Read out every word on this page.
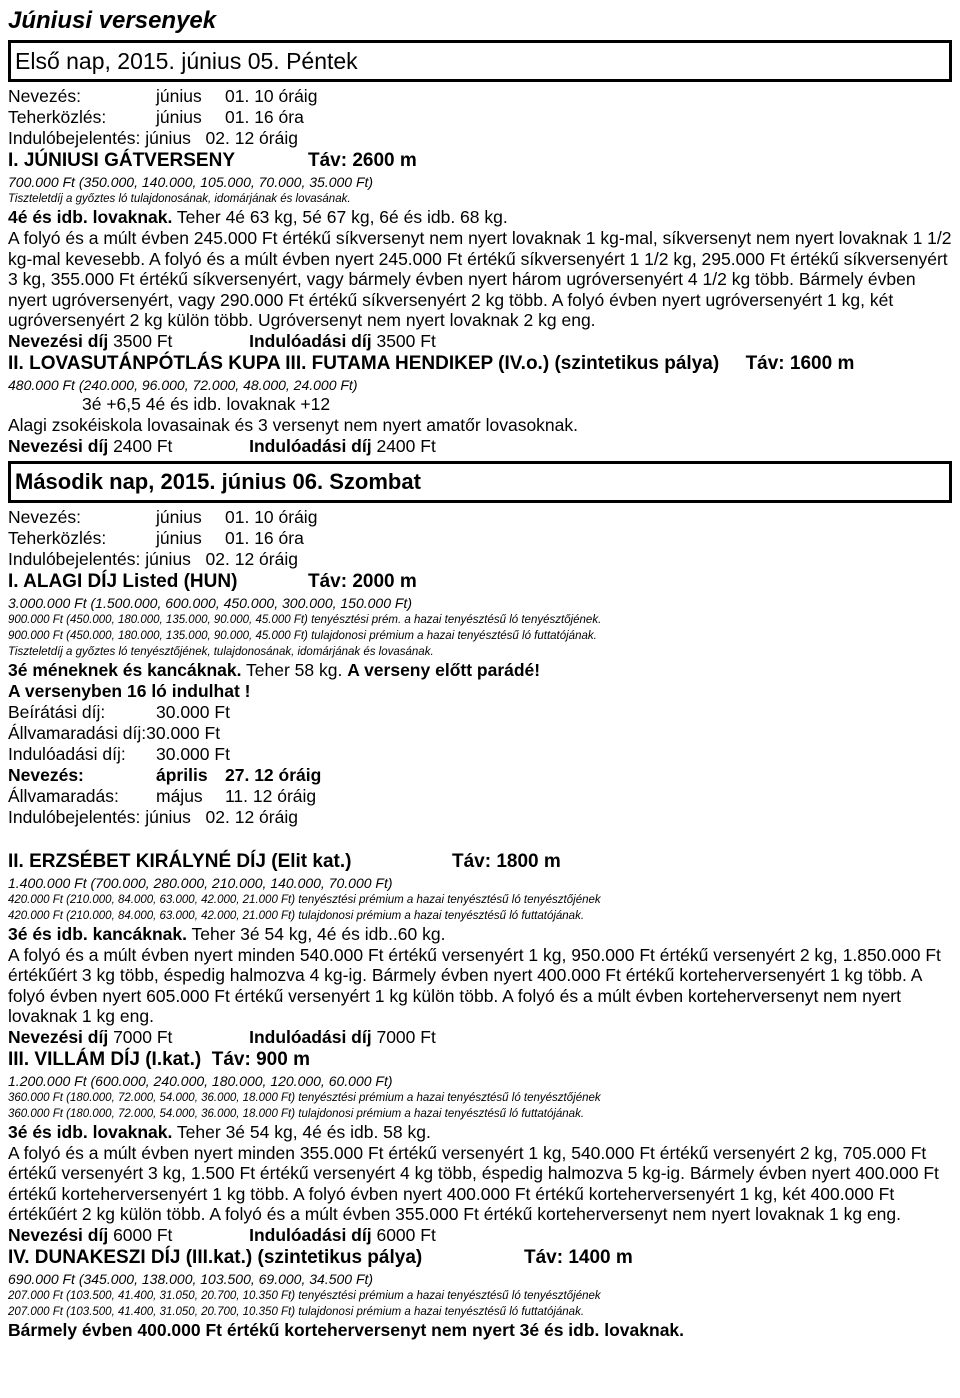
Júniusi versenyek
Első nap, 2015. június 05. Péntek
Nevezés:	június 01. 10 óráig
Teherközlés:	június 01. 16 óra
Indulóbejelentés: június 02. 12 óráig
I. JÚNIUSI GÁTVERSENY	Táv: 2600 m
700.000 Ft (350.000, 140.000, 105.000, 70.000, 35.000 Ft)
Tiszteletdíj a győztes ló tulajdonosának, idomárjának és lovasának.
4é és idb. lovaknak. Teher 4é 63 kg, 5é 67 kg, 6é és idb. 68 kg.
A folyó és a múlt évben 245.000 Ft értékű síkversenyt nem nyert lovaknak 1 kg-mal, síkversenyt nem nyert lovaknak 1 1/2 kg-mal kevesebb. A folyó és a múlt évben nyert 245.000 Ft értékű síkversenyért 1 1/2 kg, 295.000 Ft értékű síkversenyért 3 kg, 355.000 Ft értékű síkversenyért, vagy bármely évben nyert három ugróversenyért 4 1/2 kg több. Bármely évben nyert ugróversenyért, vagy 290.000 Ft értékű síkversenyért 2 kg több. A folyó évben nyert ugróversenyért 1 kg, két ugróversenyért 2 kg külön több. Ugróversenyt nem nyert lovaknak 2 kg eng.
Nevezési díj 3500 Ft	Indulóadási díj 3500 Ft
II. LOVASUTÁNPÓTLÁS KUPA III. FUTAMA HENDIKEP (IV.o.) (szintetikus pálya) Táv: 1600 m
480.000 Ft (240.000, 96.000, 72.000, 48.000, 24.000 Ft)
3é +6,5 4é és idb. lovaknak +12
Alagi zsokéiskola lovasainak és 3 versenyt nem nyert amatőr lovasoknak.
Nevezési díj 2400 Ft	Indulóadási díj 2400 Ft
Második nap, 2015. június 06. Szombat
Nevezés:	június 01. 10 óráig
Teherközlés:	június 01. 16 óra
Indulóbejelentés: június 02. 12 óráig
I. ALAGI DÍJ Listed (HUN)	Táv: 2000 m
3.000.000 Ft (1.500.000, 600.000, 450.000, 300.000, 150.000 Ft)
900.000 Ft (450.000, 180.000, 135.000, 90.000, 45.000 Ft) tenyésztési prém. a hazai tenyésztésű ló tenyésztőjének.
900.000 Ft (450.000, 180.000, 135.000, 90.000, 45.000 Ft) tulajdonosi prémium a hazai tenyésztésű ló futtatójának.
Tiszteletdíj a győztes ló tenyésztőjének, tulajdonosának, idomárjának és lovasának.
3é méneknek és kancáknak. Teher 58 kg. A verseny előtt parádé!
A versenyben 16 ló indulhat !
Beírátási díj:	30.000 Ft
Állvamaradási díj:30.000 Ft
Indulóadási díj: 30.000 Ft
Nevezés:	április 27. 12 óráig
Állvamaradás: május 11. 12 óráig
Indulóbejelentés: június 02. 12 óráig
II. ERZSÉBET KIRÁLYNÉ DÍJ (Elit kat.)	Táv: 1800 m
1.400.000 Ft (700.000, 280.000, 210.000, 140.000, 70.000 Ft)
420.000 Ft (210.000, 84.000, 63.000, 42.000, 21.000 Ft) tenyésztési prémium a hazai tenyésztésű ló tenyésztőjének
420.000 Ft (210.000, 84.000, 63.000, 42.000, 21.000 Ft) tulajdonosi prémium a hazai tenyésztésű ló futtatójának.
3é és idb. kancáknak. Teher 3é 54 kg, 4é és idb..60 kg.
A folyó és a múlt évben nyert minden 540.000 Ft értékű versenyért 1 kg, 950.000 Ft értékű versenyért 2 kg, 1.850.000 Ft értékűért 3 kg több, éspedig halmozva 4 kg-ig. Bármely évben nyert 400.000 Ft értékű korteherversenyért 1 kg több. A folyó évben nyert 605.000 Ft értékű versenyért 1 kg külön több. A folyó és a múlt évben korteherversenyt nem nyert lovaknak 1 kg eng.
Nevezési díj 7000 Ft	Indulóadási díj 7000 Ft
III. VILLÁM DÍJ (I.kat.) Táv: 900 m
1.200.000 Ft (600.000, 240.000, 180.000, 120.000, 60.000 Ft)
360.000 Ft (180.000, 72.000, 54.000, 36.000, 18.000 Ft) tenyésztési prémium a hazai tenyésztésű ló tenyésztőjének
360.000 Ft (180.000, 72.000, 54.000, 36.000, 18.000 Ft) tulajdonosi prémium a hazai tenyésztésű ló futtatójának.
3é és idb. lovaknak. Teher 3é 54 kg, 4é és idb. 58 kg.
A folyó és a múlt évben nyert minden 355.000 Ft értékű versenyért 1 kg, 540.000 Ft értékű versenyért 2 kg, 705.000 Ft értékű versenyért 3 kg, 1.500 Ft értékű versenyért 4 kg több, éspedig halmozva 5 kg-ig. Bármely évben nyert 400.000 Ft értékű korteherversenyért 1 kg több. A folyó évben nyert 400.000 Ft értékű korteherversenyért 1 kg, két 400.000 Ft értékűért 2 kg külön több. A folyó és a múlt évben 355.000 Ft értékű korteherversenyt nem nyert lovaknak 1 kg eng.
Nevezési díj 6000 Ft	Indulóadási díj 6000 Ft
IV. DUNAKESZI DÍJ (III.kat.) (szintetikus pálya)	Táv: 1400 m
690.000 Ft (345.000, 138.000, 103.500, 69.000, 34.500 Ft)
207.000 Ft (103.500, 41.400, 31.050, 20.700, 10.350 Ft) tenyésztési prémium a hazai tenyésztésű ló tenyésztőjének
207.000 Ft (103.500, 41.400, 31.050, 20.700, 10.350 Ft) tulajdonosi prémium a hazai tenyésztésű ló futtatójának.
Bármely évben 400.000 Ft értékű korteherversenyt nem nyert 3é és idb. lovaknak.
